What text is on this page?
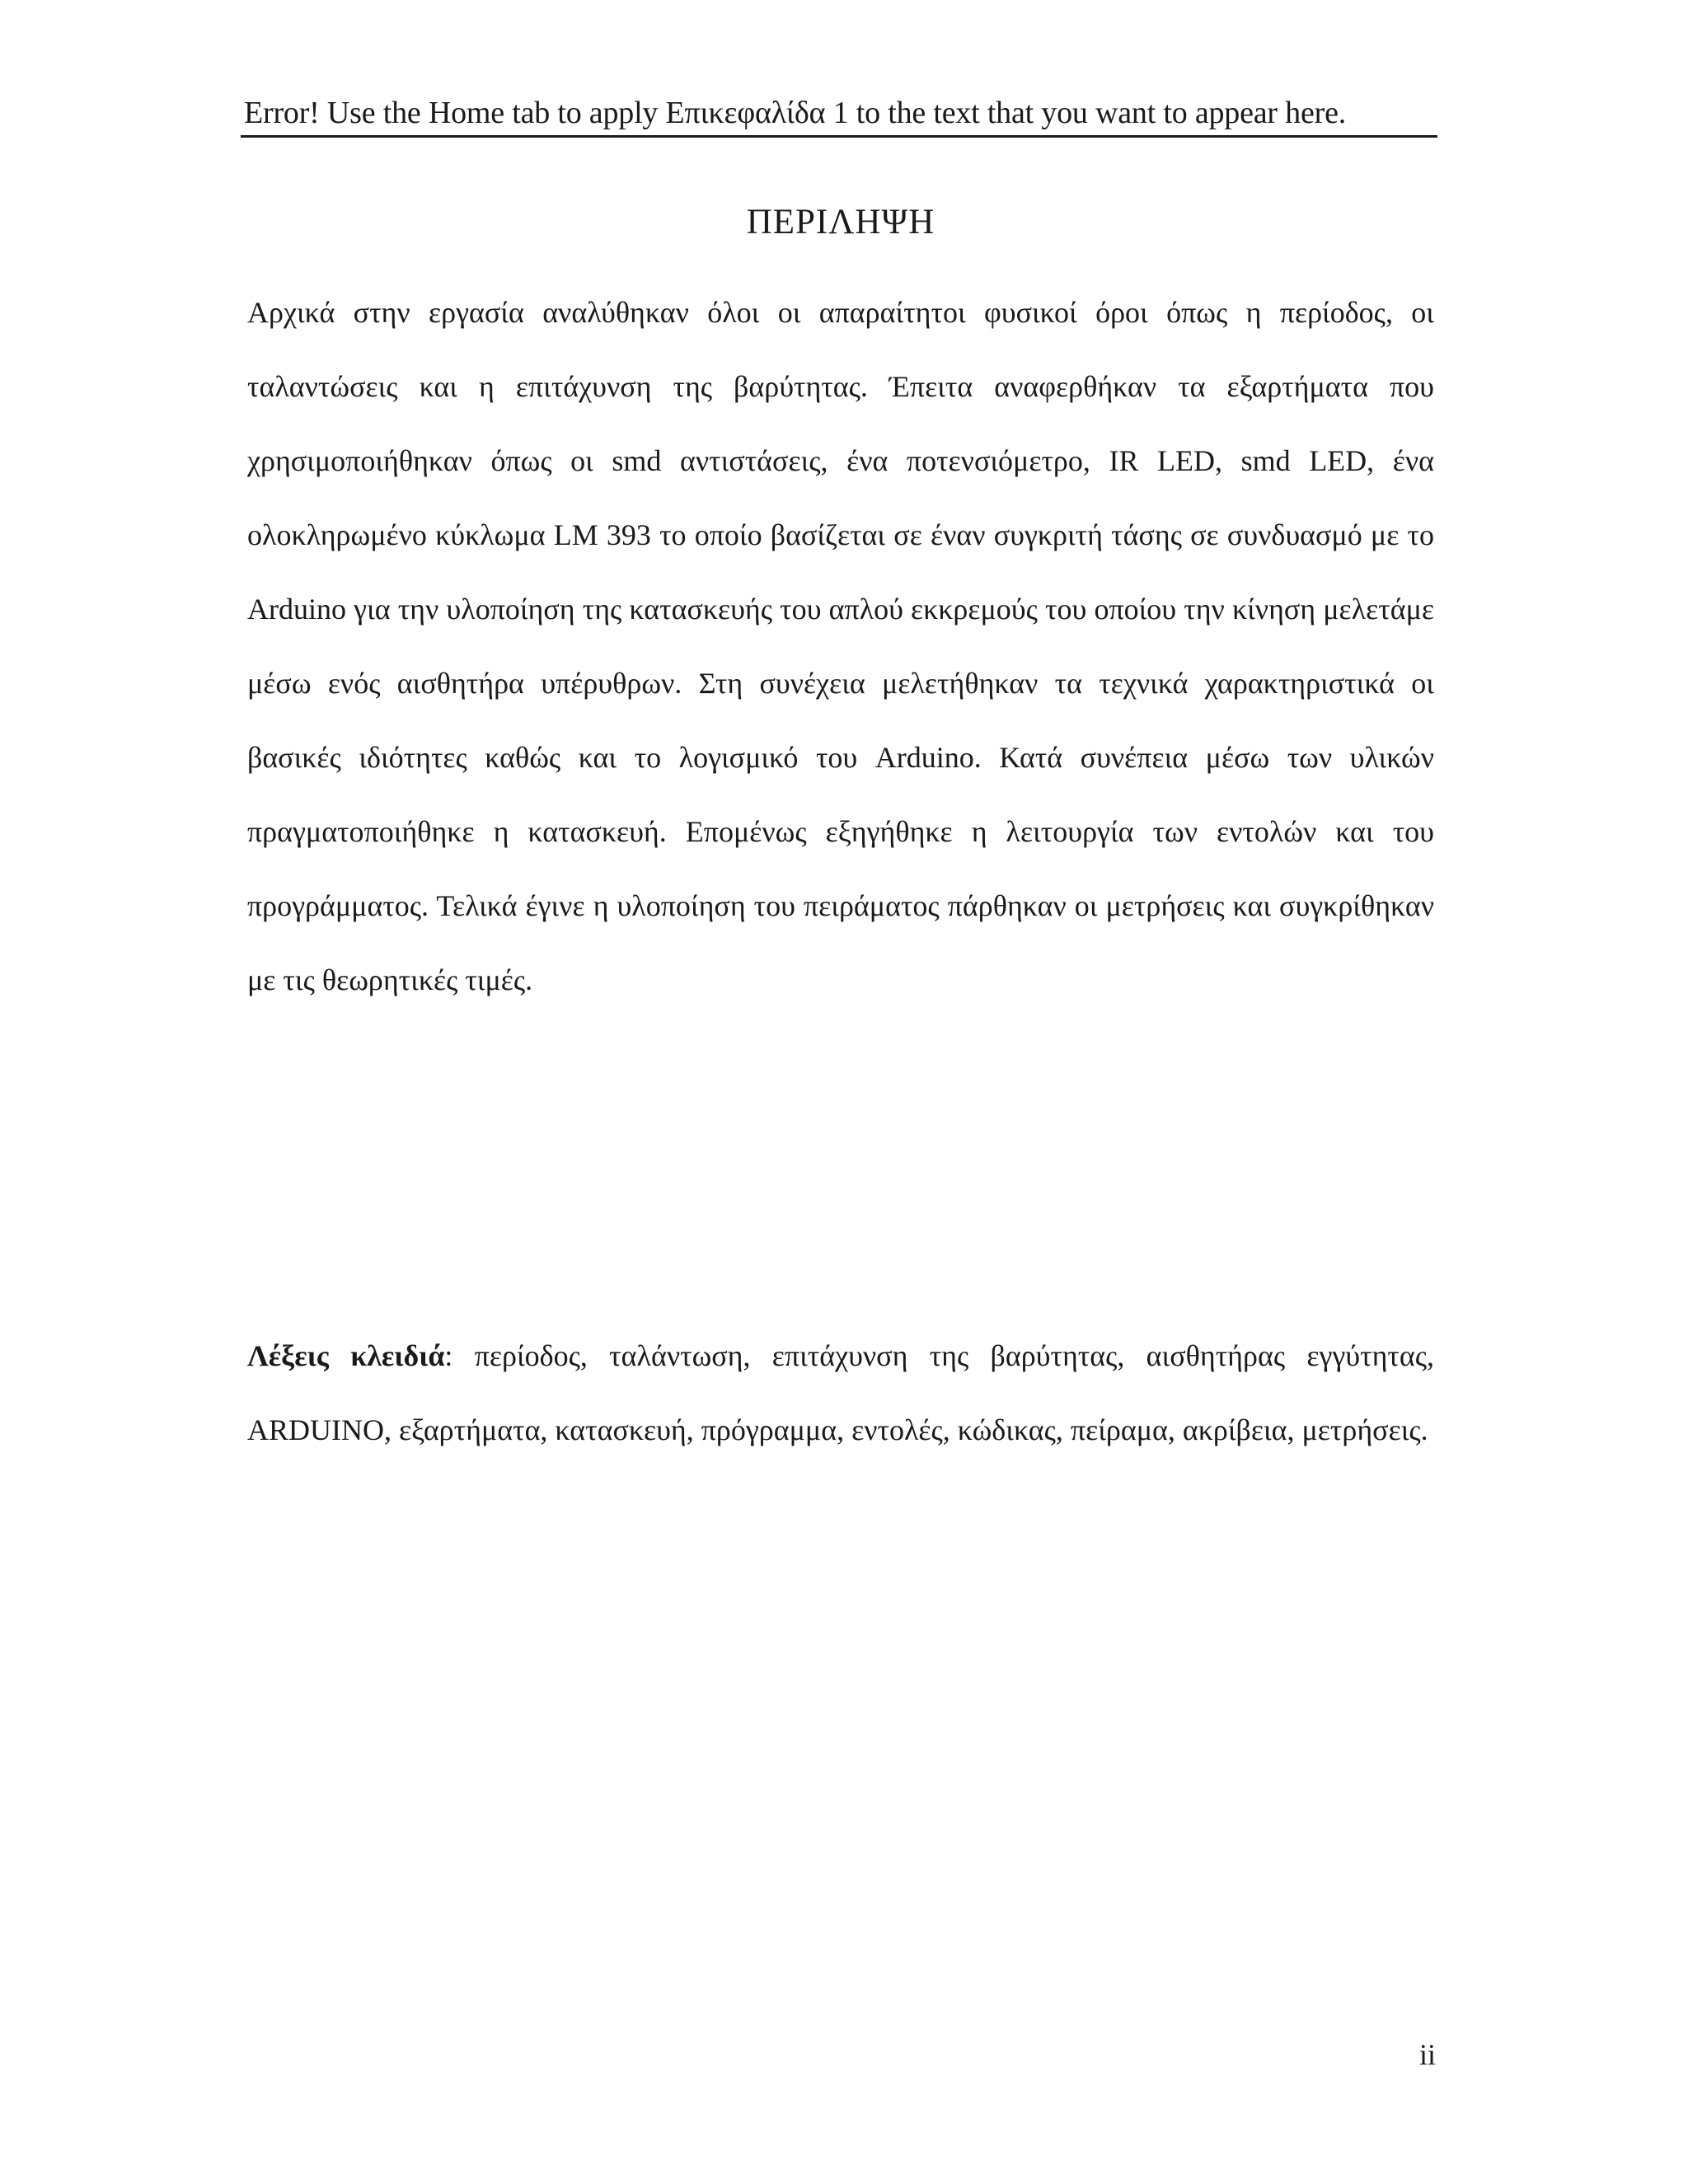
Error! Use the Home tab to apply Επικεφαλίδα 1 to the text that you want to appear here.
ΠΕΡΙΛΗΨΗ

Αρχικά στην εργασία αναλύθηκαν όλοι οι απαραίτητοι φυσικοί όροι όπως η περίοδος, οι ταλαντώσεις και η επιτάχυνση της βαρύτητας. Έπειτα αναφερθήκαν τα εξαρτήματα που χρησιμοποιήθηκαν όπως οι smd αντιστάσεις, ένα ποτενσιόμετρο, IR LED, smd LED, ένα ολοκληρωμένο κύκλωμα LM 393 το οποίο βασίζεται σε έναν συγκριτή τάσης σε συνδυασμό με το Arduino για την υλοποίηση της κατασκευής του απλού εκκρεμούς του οποίου την κίνηση μελετάμε μέσω ενός αισθητήρα υπέρυθρων. Στη συνέχεια μελετήθηκαν τα τεχνικά χαρακτηριστικά οι βασικές ιδιότητες καθώς και το λογισμικό του Arduino. Κατά συνέπεια μέσω των υλικών πραγματοποιήθηκε η κατασκευή. Επομένως εξηγήθηκε η λειτουργία των εντολών και του προγράμματος. Τελικά έγινε η υλοποίηση του πειράματος πάρθηκαν οι μετρήσεις και συγκρίθηκαν με τις θεωρητικές τιμές.

Λέξεις κλειδιά: περίοδος, ταλάντωση, επιτάχυνση της βαρύτητας, αισθητήρας εγγύτητας, ARDUINO, εξαρτήματα, κατασκευή, πρόγραμμα, εντολές, κώδικας, πείραμα, ακρίβεια, μετρήσεις.

ii
